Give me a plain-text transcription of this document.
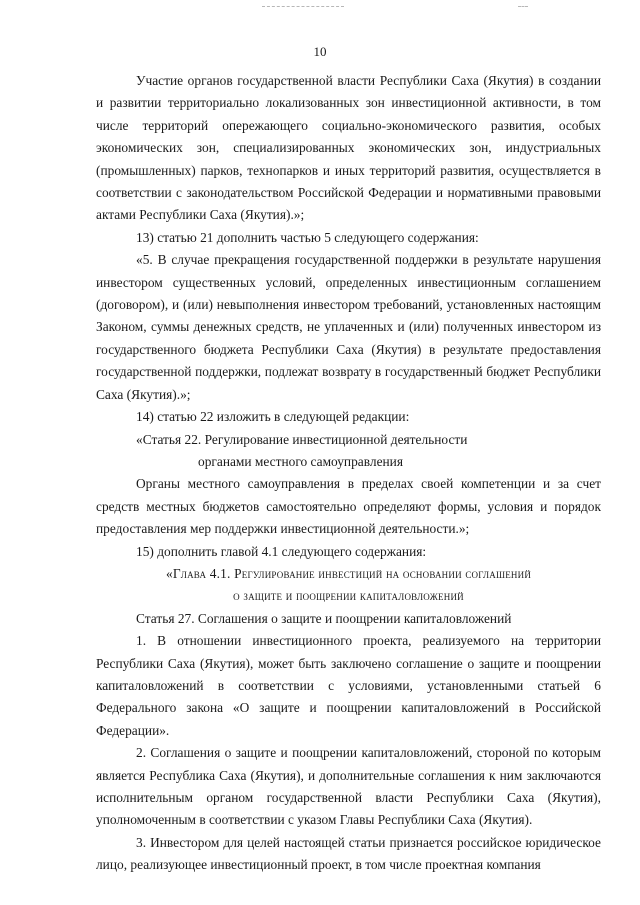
10

Участие органов государственной власти Республики Саха (Якутия) в создании и развитии территориально локализованных зон инвестиционной активности, в том числе территорий опережающего социально-экономического развития, особых экономических зон, специализированных экономических зон, индустриальных (промышленных) парков, технопарков и иных территорий развития, осуществляется в соответствии с законодательством Российской Федерации и нормативными правовыми актами Республики Саха (Якутия).»;

13) статью 21 дополнить частью 5 следующего содержания:

«5. В случае прекращения государственной поддержки в результате нарушения инвестором существенных условий, определенных инвестиционным соглашением (договором), и (или) невыполнения инвестором требований, установленных настоящим Законом, суммы денежных средств, не уплаченных и (или) полученных инвестором из государственного бюджета Республики Саха (Якутия) в результате предоставления государственной поддержки, подлежат возврату в государственный бюджет Республики Саха (Якутия).»;

14) статью 22 изложить в следующей редакции:

«Статья 22. Регулирование инвестиционной деятельности

органами местного самоуправления

Органы местного самоуправления в пределах своей компетенции и за счет средств местных бюджетов самостоятельно определяют формы, условия и порядок предоставления мер поддержки инвестиционной деятельности.»;

15) дополнить главой 4.1 следующего содержания:

«Глава 4.1. Регулирование инвестиций на основании соглашений

о защите и поощрении капиталовложений

Статья 27. Соглашения о защите и поощрении капиталовложений

1. В отношении инвестиционного проекта, реализуемого на территории Республики Саха (Якутия), может быть заключено соглашение о защите и поощрении капиталовложений в соответствии с условиями, установленными статьей 6 Федерального закона «О защите и поощрении капиталовложений в Российской Федерации».

2. Соглашения о защите и поощрении капиталовложений, стороной по которым является Республика Саха (Якутия), и дополнительные соглашения к ним заключаются исполнительным органом государственной власти Республики Саха (Якутия), уполномоченным в соответствии с указом Главы Республики Саха (Якутия).

3. Инвестором для целей настоящей статьи признается российское юридическое лицо, реализующее инвестиционный проект, в том числе проектная компания
